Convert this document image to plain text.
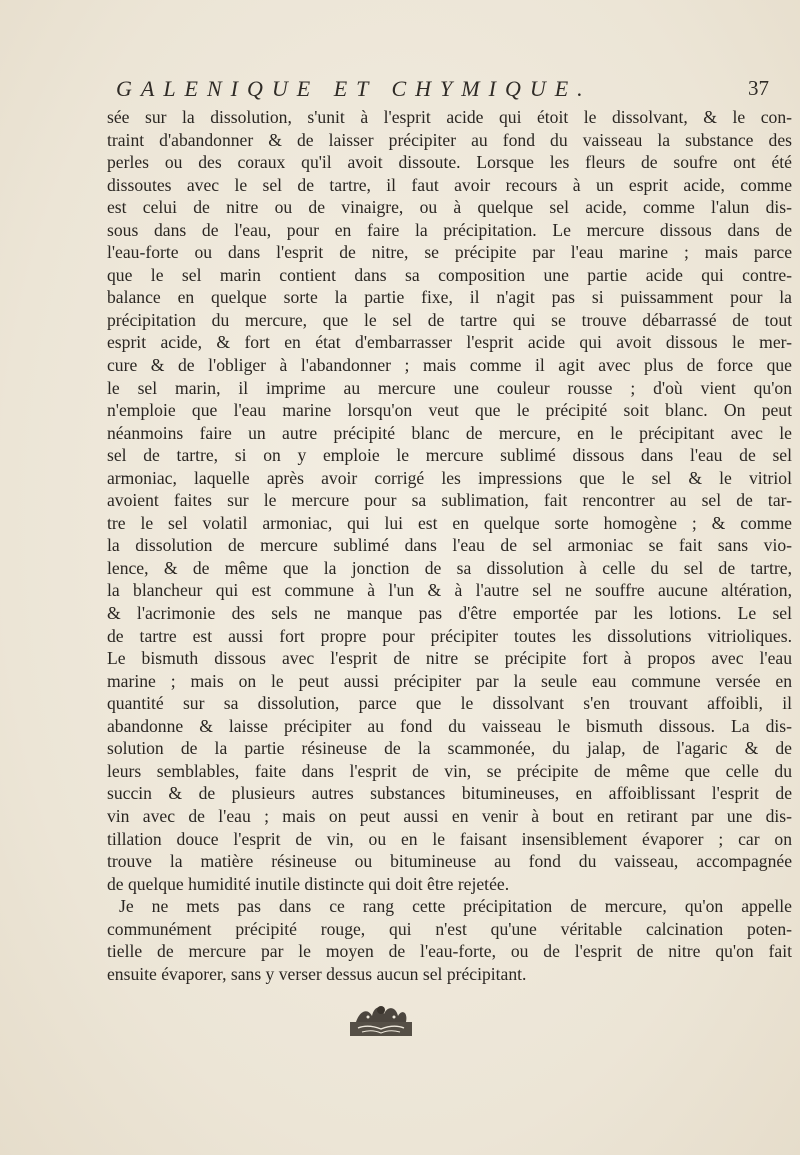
GALENIQUE ET CHYMIQUE.	37
sée sur la dissolution, s'unit à l'esprit acide qui étoit le dissolvant, & le con-
traint d'abandonner & de laisser précipiter au fond du vaisseau la substance des
perles ou des coraux qu'il avoit dissoute. Lorsque les fleurs de soufre ont été
dissoutes avec le sel de tartre, il faut avoir recours à un esprit acide, comme
est celui de nitre ou de vinaigre, ou à quelque sel acide, comme l'alun dis-
sous dans de l'eau, pour en faire la précipitation. Le mercure dissous dans de
l'eau-forte ou dans l'esprit de nitre, se précipite par l'eau marine ; mais parce
que le sel marin contient dans sa composition une partie acide qui contre-
balance en quelque sorte la partie fixe, il n'agit pas si puissamment pour la
précipitation du mercure, que le sel de tartre qui se trouve débarrassé de tout
esprit acide, & fort en état d'embarrasser l'esprit acide qui avoit dissous le mer-
cure & de l'obliger à l'abandonner ; mais comme il agit avec plus de force que
le sel marin, il imprime au mercure une couleur rousse ; d'où vient qu'on
n'emploie que l'eau marine lorsqu'on veut que le précipité soit blanc. On peut
néanmoins faire un autre précipité blanc de mercure, en le précipitant avec le
sel de tartre, si on y emploie le mercure sublimé dissous dans l'eau de sel
armoniac, laquelle après avoir corrigé les impressions que le sel & le vitriol
avoient faites sur le mercure pour sa sublimation, fait rencontrer au sel de tar-
tre le sel volatil armoniac, qui lui est en quelque sorte homogène ; & comme
la dissolution de mercure sublimé dans l'eau de sel armoniac se fait sans vio-
lence, & de même que la jonction de sa dissolution à celle du sel de tartre,
la blancheur qui est commune à l'un & à l'autre sel ne souffre aucune altération,
& l'acrimonie des sels ne manque pas d'être emportée par les lotions. Le sel
de tartre est aussi fort propre pour précipiter toutes les dissolutions vitrioliques.
Le bismuth dissous avec l'esprit de nitre se précipite fort à propos avec l'eau
marine ; mais on le peut aussi précipiter par la seule eau commune versée en
quantité sur sa dissolution, parce que le dissolvant s'en trouvant affoibli, il
abandonne & laisse précipiter au fond du vaisseau le bismuth dissous. La dis-
solution de la partie résineuse de la scammonée, du jalap, de l'agaric & de
leurs semblables, faite dans l'esprit de vin, se précipite de même que celle du
succin & de plusieurs autres substances bitumineuses, en affoiblissant l'esprit de
vin avec de l'eau ; mais on peut aussi en venir à bout en retirant par une dis-
tillation douce l'esprit de vin, ou en le faisant insensiblement évaporer ; car on
trouve la matière résineuse ou bitumineuse au fond du vaisseau, accompagnée
de quelque humidité inutile distincte qui doit être rejetée.
Je ne mets pas dans ce rang cette précipitation de mercure, qu'on appelle
communément précipité rouge, qui n'est qu'une véritable calcination poten-
tielle de mercure par le moyen de l'eau-forte, ou de l'esprit de nitre qu'on fait
ensuite évaporer, sans y verser dessus aucun sel précipitant.
